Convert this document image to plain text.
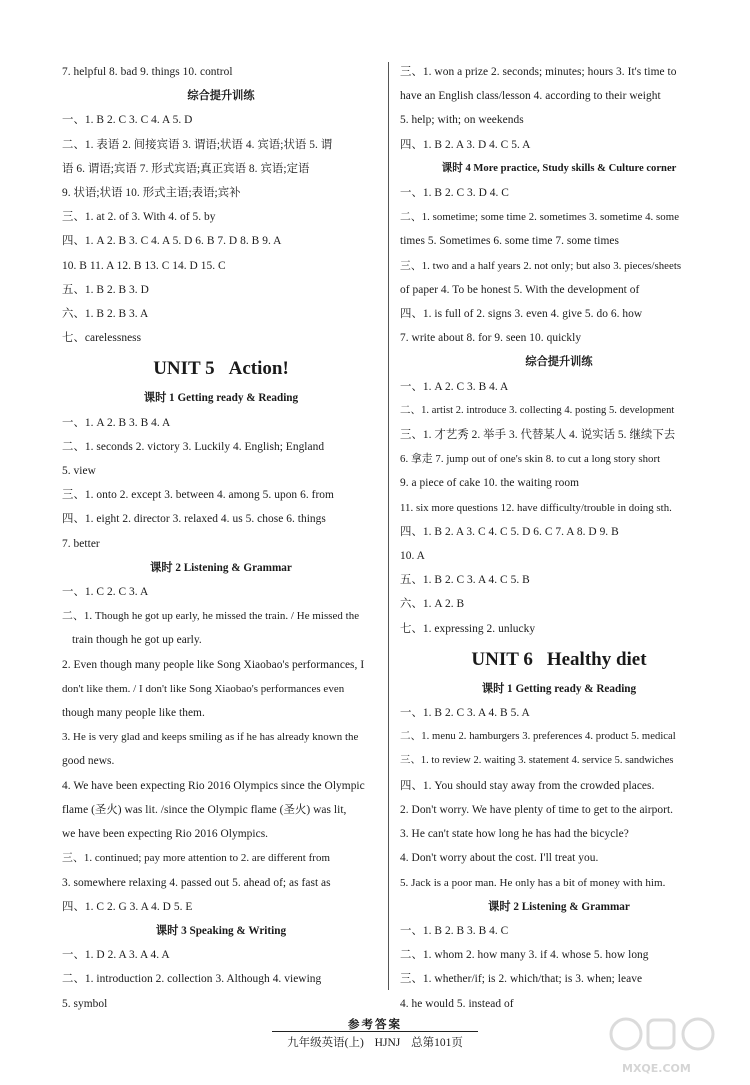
7. helpful 8. bad 9. things 10. control
综合提升训练
一、1. B 2. C 3. C 4. A 5. D
二、1. 表语 2. 间接宾语 3. 谓语;状语 4. 宾语;状语 5. 谓
语 6. 谓语;宾语 7. 形式宾语;真正宾语 8. 宾语;定语
9. 状语;状语 10. 形式主语;表语;宾补
三、1. at 2. of 3. With 4. of 5. by
四、1. A 2. B 3. C 4. A 5. D 6. B 7. D 8. B 9. A
10. B 11. A 12. B 13. C 14. D 15. C
五、1. B 2. B 3. D
六、1. B 2. B 3. A
七、carelessness
UNIT 5 Action!
课时 1 Getting ready & Reading
一、1. A 2. B 3. B 4. A
二、1. seconds 2. victory 3. Luckily 4. English; England
5. view
三、1. onto 2. except 3. between 4. among 5. upon 6. from
四、1. eight 2. director 3. relaxed 4. us 5. chose 6. things
7. better
课时 2 Listening & Grammar
一、1. C 2. C 3. A
二、1. Though he got up early, he missed the train. / He missed the
train though he got up early.
2. Even though many people like Song Xiaobao's performances, I
don't like them. / I don't like Song Xiaobao's performances even
though many people like them.
3. He is very glad and keeps smiling as if he has already known the
good news.
4. We have been expecting Rio 2016 Olympics since the Olympic
flame (圣火) was lit. /since the Olympic flame (圣火) was lit,
we have been expecting Rio 2016 Olympics.
三、1. continued; pay more attention to 2. are different from
3. somewhere relaxing 4. passed out 5. ahead of; as fast as
四、1. C 2. G 3. A 4. D 5. E
课时 3 Speaking & Writing
一、1. D 2. A 3. A 4. A
二、1. introduction 2. collection 3. Although 4. viewing
5. symbol
三、1. won a prize 2. seconds; minutes; hours 3. It's time to
have an English class/lesson 4. according to their weight
5. help; with; on weekends
四、1. B 2. A 3. D 4. C 5. A
课时 4 More practice, Study skills & Culture corner
一、1. B 2. C 3. D 4. C
二、1. sometime; some time 2. sometimes 3. sometime 4. some
times 5. Sometimes 6. some time 7. some times
三、1. two and a half years 2. not only; but also 3. pieces/sheets
of paper 4. To be honest 5. With the development of
四、1. is full of 2. signs 3. even 4. give 5. do 6. how
7. write about 8. for 9. seen 10. quickly
综合提升训练
一、1. A 2. C 3. B 4. A
二、1. artist 2. introduce 3. collecting 4. posting 5. development
三、1. 才艺秀 2. 举手 3. 代替某人 4. 说实话 5. 继续下去
6. 拿走 7. jump out of one's skin 8. to cut a long story short
9. a piece of cake 10. the waiting room
11. six more questions 12. have difficulty/trouble in doing sth.
四、1. B 2. A 3. C 4. C 5. D 6. C 7. A 8. D 9. B
10. A
五、1. B 2. C 3. A 4. C 5. B
六、1. A 2. B
七、1. expressing 2. unlucky
UNIT 6 Healthy diet
课时 1 Getting ready & Reading
一、1. B 2. C 3. A 4. B 5. A
二、1. menu 2. hamburgers 3. preferences 4. product 5. medical
三、1. to review 2. waiting 3. statement 4. service 5. sandwiches
四、1. You should stay away from the crowded places.
2. Don't worry. We have plenty of time to get to the airport.
3. He can't state how long he has had the bicycle?
4. Don't worry about the cost. I'll treat you.
5. Jack is a poor man. He only has a bit of money with him.
课时 2 Listening & Grammar
一、1. B 2. B 3. B 4. C
二、1. whom 2. how many 3. if 4. whose 5. how long
三、1. whether/if; is 2. which/that; is 3. when; leave
4. he would 5. instead of
参考答案
九年级英语(上) HJNJ 总第101页
MXQE.COM
